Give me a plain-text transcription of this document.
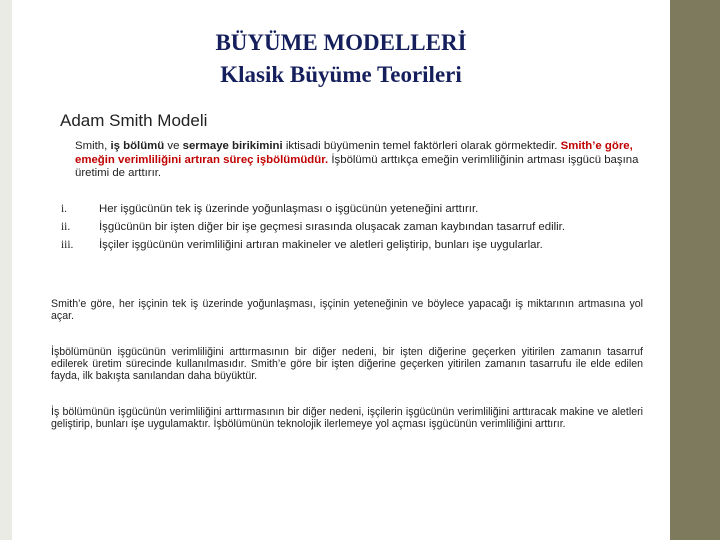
BÜYÜME MODELLERİ
Klasik Büyüme Teorileri
Adam Smith Modeli
Smith, iş bölümü ve sermaye birikimini iktisadi büyümenin temel faktörleri olarak görmektedir. Smith’e göre, emeğin verimliliğini artıran süreç işbölümüdür. İşbölümü arttıkça emeğin verimliliğinin artması işgücü başına üretimi de arttırır.
i.	Her işgücünün tek iş üzerinde yoğunlaşması o işgücünün yeteneğini arttırır.
ii.	İşgücünün bir işten diğer bir işe geçmesi sırasında oluşacak zaman kaybından tasarruf edilir.
iii. İşçiler işgücünün verimliliğini artıran makineler ve aletleri geliştirip, bunları işe uygularlar.
Smith’e göre, her işçinin tek iş üzerinde yoğunlaşması, işçinin yeteneğinin ve böylece yapacağı iş miktarının artmasına yol açar.
İşbölümünün işgücünün verimliliğini arttırmasının bir diğer nedeni, bir işten diğerine geçerken yitirilen zamanın tasarruf edilerek üretim sürecinde kullanılmasıdır. Smith’e göre bir işten diğerine geçerken yitirilen zamanın tasarrufu ile elde edilen fayda, ilk bakışta sanılandan daha büyüktür.
İş bölümünün işgücünün verimliliğini arttırmasının bir diğer nedeni, işçilerin işgücünün verimliliğini arttıracak makine ve aletleri geliştirip, bunları işe uygulamaktır. İşbölümünün teknolojik ilerlemeye yol açması işgücünün verimliliğini arttırır.
